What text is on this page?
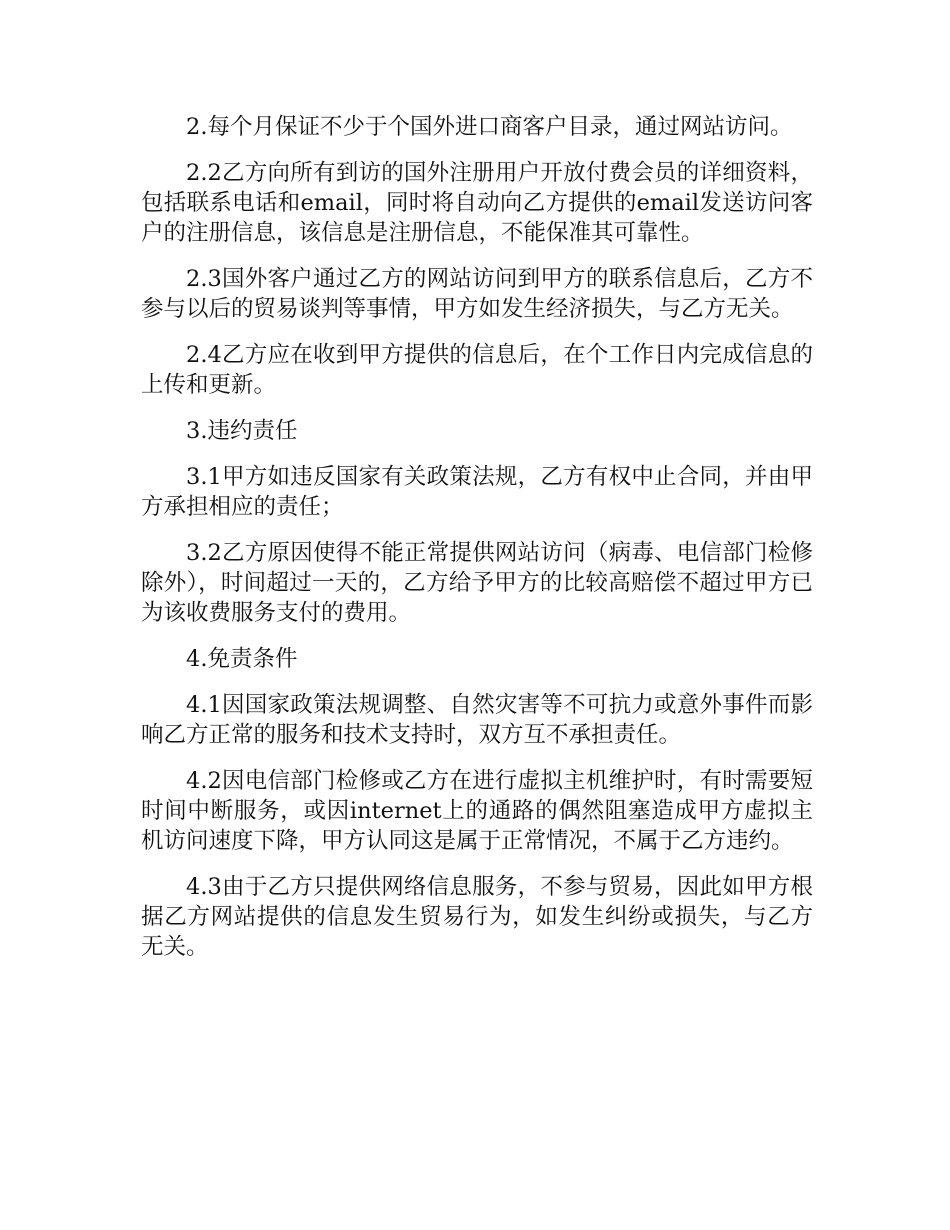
2.每个月保证不少于个国外进口商客户目录，通过网站访问。

2.2乙方向所有到访的国外注册用户开放付费会员的详细资料，包括联系电话和email，同时将自动向乙方提供的email发送访问客户的注册信息，该信息是注册信息，不能保准其可靠性。

2.3国外客户通过乙方的网站访问到甲方的联系信息后，乙方不参与以后的贸易谈判等事情，甲方如发生经济损失，与乙方无关。

2.4乙方应在收到甲方提供的信息后，在个工作日内完成信息的上传和更新。

3.违约责任

3.1甲方如违反国家有关政策法规，乙方有权中止合同，并由甲方承担相应的责任；

3.2乙方原因使得不能正常提供网站访问（病毒、电信部门检修除外），时间超过一天的，乙方给予甲方的比较高赔偿不超过甲方已为该收费服务支付的费用。

4.免责条件

4.1因国家政策法规调整、自然灾害等不可抗力或意外事件而影响乙方正常的服务和技术支持时，双方互不承担责任。

4.2因电信部门检修或乙方在进行虚拟主机维护时，有时需要短时间中断服务，或因internet上的通路的偶然阻塞造成甲方虚拟主机访问速度下降，甲方认同这是属于正常情况，不属于乙方违约。

4.3由于乙方只提供网络信息服务，不参与贸易，因此如甲方根据乙方网站提供的信息发生贸易行为，如发生纠纷或损失，与乙方无关。
